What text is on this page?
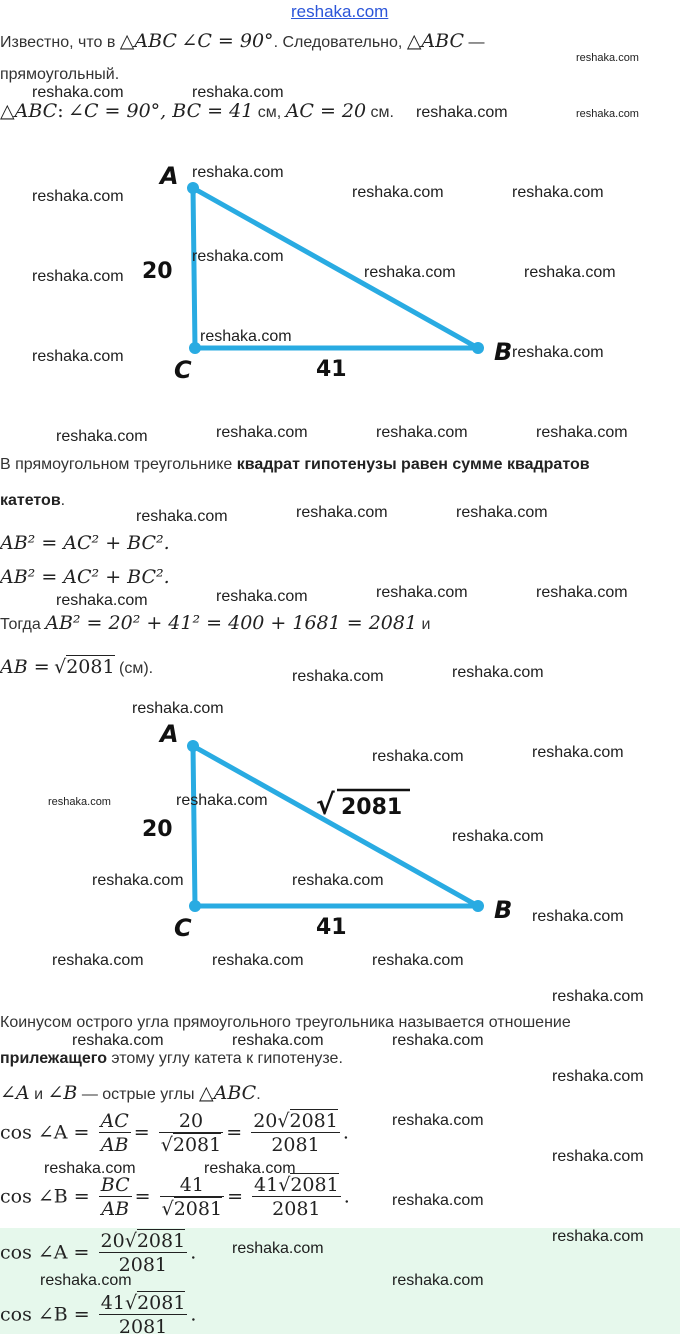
reshaka.com
Известно, что в △ABC ∠C = 90°. Следовательно, △ABC —
прямоугольный.
△ABC: ∠C = 90°, BC = 41 см, AC = 20 см.
A
C
B
20
41
В прямоугольном треугольнике квадрат гипотенузы равен сумме квадратов
катетов.
AB² = AC² + BC².
AB² = AC² + BC².
Тогда AB² = 20² + 41² = 400 + 1681 = 2081 и
AB = √2081 (см).
A
C
B
20
41
√ 2081
Коинусом острого угла прямоугольного треугольника называется отношение
прилежащего этому углу катета к гипотенузе.
∠A и ∠B — острые углы △ABC.
cos ∠A = $\frac{AC}{AB} = \frac{20}{√2081} = \frac{20√2081}{2081}$ .
cos ∠B = $\frac{BC}{AB} = \frac{41}{√2081} = \frac{41√2081}{2081}$ .
cos ∠A = $\frac{20√2081}{2081}$ .
cos ∠B = $\frac{41√2081}{2081}$ .
reshaka.com	reshaka.com
reshaka.com
reshaka.com	reshaka.com
reshaka.com
reshaka.com	reshaka.com	reshaka.com
reshaka.com
reshaka.com	reshaka.com	reshaka.com
reshaka.com
reshaka.com	reshaka.com
reshaka.com	reshaka.com	reshaka.com	reshaka.com
reshaka.com	reshaka.com	reshaka.com
reshaka.com	reshaka.com	reshaka.com	reshaka.com
reshaka.com	reshaka.com
reshaka.com
reshaka.com	reshaka.com
reshaka.com	reshaka.com
reshaka.com
reshaka.com	reshaka.com
reshaka.com
reshaka.com	reshaka.com	reshaka.com
reshaka.com
reshaka.com	reshaka.com	reshaka.com
reshaka.com
reshaka.com
reshaka.com
reshaka.com	reshaka.com
reshaka.com
reshaka.com
reshaka.com
reshaka.com	reshaka.com
